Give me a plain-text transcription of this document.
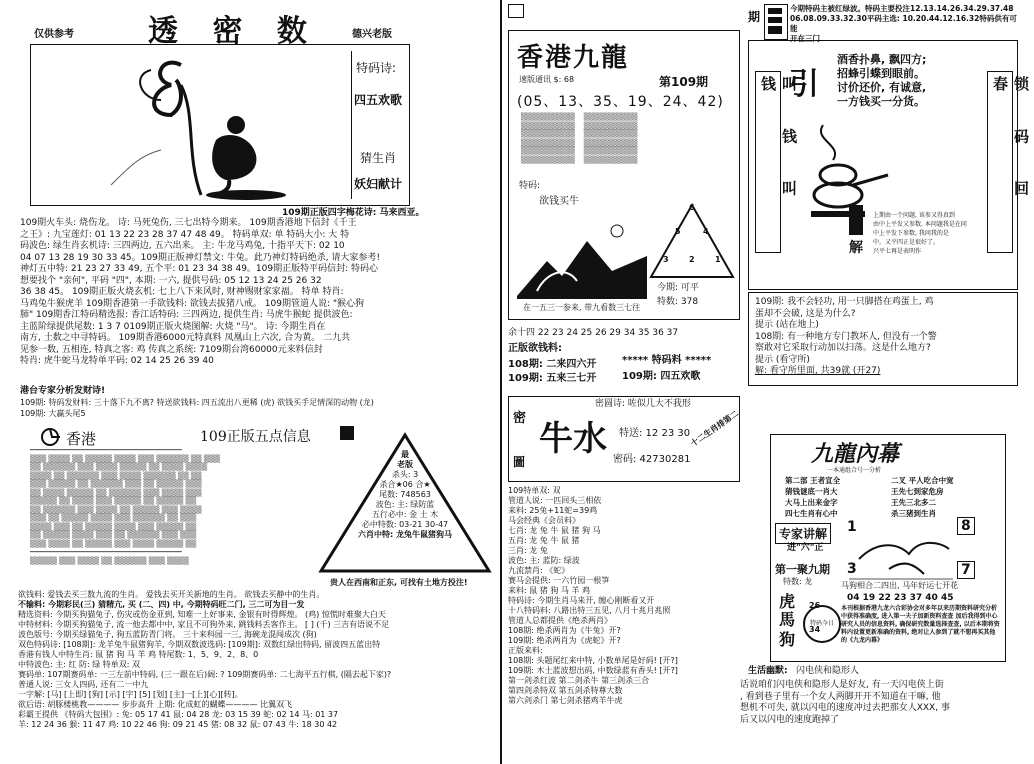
透 密 数
仅供参考	德兴老版
特码诗:
四五欢歌
猜生肖
妖妇献计
109期正版四字梅花诗: 马来西亚。
109期火车头: 烧伤龙。 诗: 马死兔伤, 三七出特今期来。 109期香港地下信封《千王
之王》: 九宝莲灯: 01 13 22 23 28 37 47 48 49。 特码单双: 单 特码大小: 大 特
码波色: 绿生肖玄机诗: 三四两边, 五六出来。 主: 牛龙马鸡兔, 十指平天下: 02 10
04 07 13 28 19 30 33 45。109期正版神灯禁文: 牛兔。此乃神灯特码绝杀, 请大家参考!
神灯五中特: 21 23 27 33 49, 五个平: 01 23 34 38 49。109期正版特平码信封: 特码心
想要找个 "亲何", 平码 "四", 本期: 一六, 提供号码: 05 12 13 24 25 26 32
36 38 45。 109期正版火烧玄机: 七上八下来风时, 财神赐财家家福。 特单 特肖:
马鸡兔牛猴虎羊 109期香港第一手欲钱料: 欲钱去拔猪八戒。 109期管道人说: "猴心狗
肺" 109期香江特码精选报: 香江话特码: 三四两边, 提供生肖: 马虎牛猴蛇 提供波色:
主蓝阶绿提供尾数: 1 3 7 0109期正版火烧图解: 火烧 "马"。 诗: 今期生肖在
南方, 土数之中寻特码。 109期香港6000元特真料 凤凰山上六次, 合为黄。 二九共
见参一数, 五相连, 特真之客: 鸡 传真之系统: 7109期台湾60000元来料信封
特肖: 虎牛蛇马龙特单平码: 02 14 25 26 39 40
港台专家分析发财诗!
109期: 特码发财料: 三十落下九不离? 特送欲钱料: 四五流出八更稀 (虎) 欲钱买手足情深的动物 (龙)
109期: 大赢头尾5
香港	109正版五点信息
━━━━━━━━━━━━━━━━━━━━━━━━━━━━━━━━━━━━
▒▒▒ ▒▒▒▒ ▒▒ ▒▒▒▒▒ ▒▒▒▒ ▒▒▒ ▒▒▒▒▒▒ ▒▒ ▒▒▒
▒▒ ▒▒▒▒▒▒ ▒▒▒ ▒▒▒▒ ▒▒▒▒▒ ▒▒ ▒▒▒▒ ▒▒▒▒
▒▒▒▒ ▒▒ ▒▒▒▒▒▒ ▒▒▒ ▒▒▒▒ ▒▒▒▒▒▒ ▒▒ ▒▒
▒▒▒ ▒▒▒▒▒ ▒▒ ▒▒▒▒▒▒ ▒▒▒ ▒▒ ▒▒▒▒▒ ▒▒▒
▒▒ ▒▒▒▒ ▒▒▒▒▒ ▒▒ ▒▒▒▒▒▒ ▒▒▒ ▒▒▒▒ ▒▒▒
▒▒▒▒▒ ▒▒ ▒▒▒▒ ▒▒▒ ▒▒▒▒▒ ▒▒ ▒▒▒▒▒ ▒▒
▒▒ ▒▒▒▒▒▒ ▒▒▒ ▒▒▒▒ ▒▒ ▒▒▒▒▒ ▒▒▒ ▒▒▒▒
▒▒▒ ▒▒ ▒▒▒▒▒ ▒▒▒▒ ▒▒▒ ▒▒▒▒▒▒ ▒▒ ▒▒▒
▒▒▒▒ ▒▒▒ ▒▒ ▒▒▒▒▒ ▒▒▒▒ ▒▒▒ ▒▒▒▒▒ ▒▒
▒▒ ▒▒▒▒▒ ▒▒▒▒ ▒▒▒ ▒▒ ▒▒▒▒▒▒ ▒▒▒ ▒▒▒
▒▒▒ ▒▒▒▒ ▒▒ ▒▒▒▒▒ ▒▒▒ ▒▒▒▒ ▒▒▒▒▒ ▒▒
━━━━━━━━━━━━━━━━━━━━━━━━━━━━━━━━━━━━
▒▒▒▒▒ ▒▒▒ ▒▒▒▒ ▒▒ ▒▒▒▒▒▒ ▒▒▒ ▒▒▒▒
最
老版
杀头: 3
杀合★06 合★
尾数: 748563
波色: 主: 绿防蓝
五行必中: 金 土 木
必中特数: 03-21 30-47
六肖中特: 龙兔牛鼠猪狗马
贵人在西南和正东, 可找有土地方投注!
欲钱料: 爱钱去买三数九流的生肖。 爱钱去买开关新地的生肖。 欲钱去买静中的生肖。
不输料: 今期彩民(三) 猜精亢, 买 (二、四) 中, 今期特码旺二门, 三二可为目一发
精选资料: 今期买狗猫兔子, 伤灾或伤金亚到, 知难一上好事来, 金银有时得辉煌。 (鸡) 惊慌时难聚大白天
中特材料: 今期买狗猫兔子, 流一他去都中中, 家且不可狗外来, 跳钱料丢客作主。 [ ] (千) 三吉有语说不足
波色版号: 今期买绿猫兔子, 狗五蓝防青门将。 三十来科园一三, 海碗龙混闯成次 (狗)
双色特码诗: [108期]: 龙羊兔牛鼠猪狗羊, 今期双数波选码: [109期]: 双数红绿出特码, 留波四五蓝出特
香港有钱人中特生肖: 鼠 猪 狗 马 羊 鸡 特尾数: 1、5、9、2、8、0
中特波色: 主: 红 防: 绿 特单双: 双
赛码单: 107期赛码单: 一三左前中特码, (三一跟在后)阔: ? 109期赛码单: 二七海平五行棋, (隔去起下家)?
普通人说: 三女人四码, 还有二一中九
一字解: [马] [上即] [狗] [示] [字] [5] [划] [主]一[上][心][转]。
欲后语: 胡豚楼桃教———— 步步高升 上期: 化成虹的蝴蝶———— 比翼双飞
彩霸王提供 《特码大包围》: 兔: 05 17 41 鼠: 04 28 龙: 03 15 39 蛇: 02 14 马: 01 37
羊: 12 24 36 猴: 11 47 鸡: 10 22 46 狗: 09 21 45 猪: 08 32 鼠: 07 43 牛: 18 30 42
香港九龍
速版通讯 $: 68	第109期
(05、13、35、19、24、42)
▒▒▒▒▒▒▒▒▒▒    ▒▒▒▒▒▒▒▒▒▒
▒▒▒▒▒▒▒▒▒▒    ▒▒▒▒▒▒▒▒▒▒
▒▒▒▒▒▒▒▒▒▒    ▒▒▒▒▒▒▒▒▒▒
▒▒▒▒▒▒▒▒▒▒    ▒▒▒▒▒▒▒▒▒▒
▒▒▒▒▒▒▒▒▒▒    ▒▒▒▒▒▒▒▒▒▒
▒▒▒▒▒▒▒▒▒▒    ▒▒▒▒▒▒▒▒▒▒
特码:
欲钱买牛
6
5	4
3	2	1
今期: 可平
特数: 378
在一五三一参来, 带九看数三七往
余十四 22 23 24 25 26 29 34 35 36 37
正版欲钱料:
108期: 二来四六开	***** 特码料 *****
109期: 五来三七开	109期: 四五欢歌
密
密圆诗: 咗似几大不我形
牛水 特送: 12 23 30
圖	密码: 42730281
十二生肖排第二
109特单双: 双
管道人说: 一匹回头三相依
来料: 25兔+11蛇=39鸡
马会经典《会员料》
七肖: 龙 兔 牛 鼠 猪 狗 马
五肖: 龙 兔 牛 鼠 猪
三肖: 龙 兔
波色: 主: 蓝防: 绿波
九流禁肖: 《蛇》
赛马会提供: 一六竹园一根笋
来料: 鼠 猪 狗 马 羊 鸡
特码诗: 今期生肖马来开, 缠心刚断看又开
十八特码料: 八路出特三五见, 八月十兆月兆照
管道人总都提供《绝杀两肖》
108期: 绝杀两肖为《牛兔》开?
109期: 绝杀两肖为《虎蛇》开?
正版来料:
108期: 头题尾红来中特, 小数单尾是好码! [开?]
109期: 木土蓝波想出码, 中数绿蓝有香头! [开?]
第一剑杀红波 第二剑杀牛 第三剑杀三合
第四剑杀特双 第五剑杀特尊大数
第六剑杀门 第七剑杀猪鸡羊牛虎
期
今期特码主被红绿波。特码主要投注12.13.14.26.34.29.37.48
06.08.09.33.32.30平码主选: 10.20.44.12.16.32特码供有可能
开在三门
叫 钱 叫 钱	锁 码 回 春
引
酒香扑鼻, 飘四方;
招蜂引蝶到眼前。
讨价还价, 有诚意,
一方钱买一分货。
解
上期由一个问题, 该参又得真到
由中上平发又参数, 本问题我是在问
中上平发下参数, 我问我的是
中。又平四正是很好了。
兴平七再是表明作
109期: 我不会轻功, 用一只脚搭在鸡蛋上, 鸡
蛋却不会破, 这是为什么?
提示 (站在地上)
108期: 有一种地方专门教坏人, 但没有一个警
察敢对它采取行动加以扫荡。这是什么地方?
提示 (看守所)
解: 看守所里面, 共39就 (开27)
九龍內幕
一本通组合号一分析
第二部 王者宣全
猜钱谜底一肖大
大马上出来金字
四七生肖有心中
二叉 平人吃合中宽
王先七到家危房
王先三北多二
杀三猪到生肖
专家讲解
进"六"正
1	8
3	7
第一聚九期
特数: 龙
虎
馬
狗
26
34
马狗相合二四出, 马年好运七开花
04 19 22 23 37 40 45
特码今日
本刊根据香港九龙六合彩协会对多年以来历期资料研究分析中获得准确度, 进入第一夫子加新资料查查 加后我得到中心研究人员的信息资料, 确保研究数量选择查查, 以后本期将资料内设置更新准确的资料, 绝对让人参到了就不想再买其他的《九龙内幕》
生活幽默: 闪电侠和隐形人
话说咱们闪电侠和隐形人是好友, 有一天闪电侠上街
, 看到巷子里有一个女人两脚开开不知道在干嘛, 他
想机不可失, 就以闪电的速度冲过去把那女人XXX, 事
后又以闪电的速度跑掉了
